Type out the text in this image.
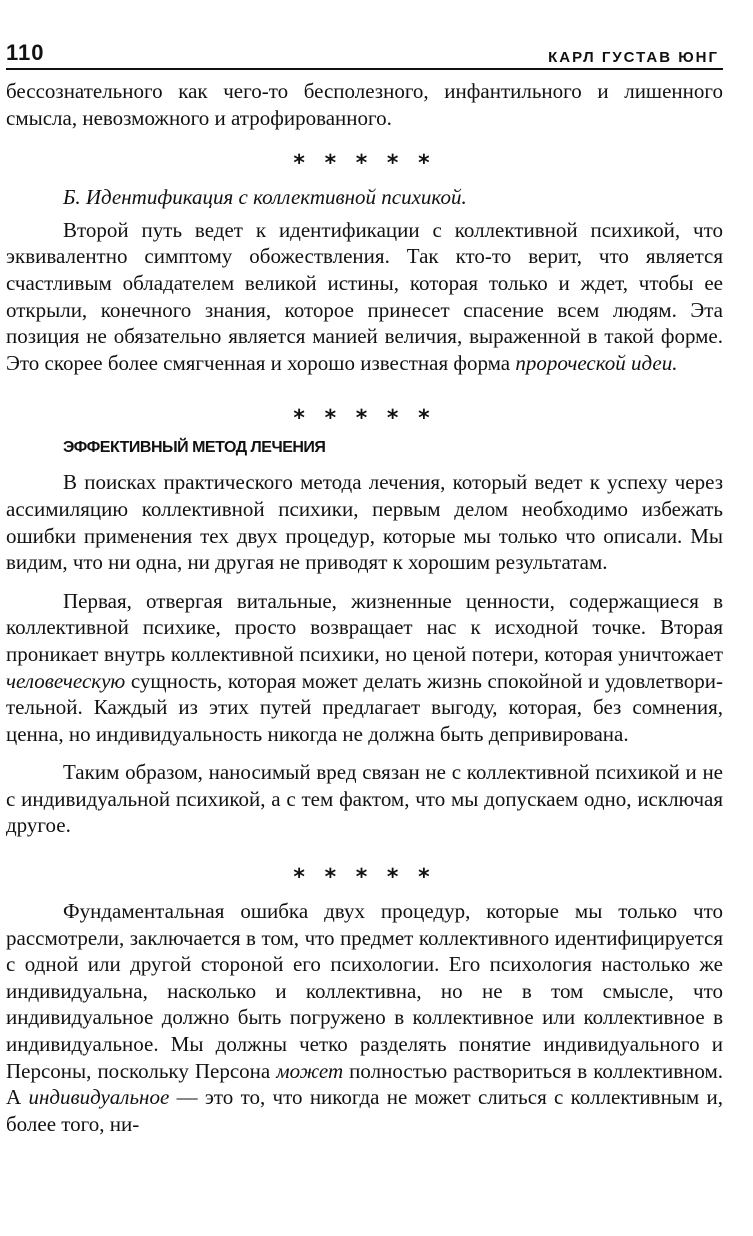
110	КАРЛ ГУСТАВ ЮНГ

бессознательного как чего-то бесполезного, инфантильного и лишенного смысла, невозможного и атрофированного.

* * * * *
Б. Идентификация с коллективной психикой.

Второй путь ведет к идентификации с коллективной психикой, что эквивалентно симптому обожествления. Так кто-то верит, что является счастливым обладателем великой истины, которая только и ждет, чтобы ее открыли, конечного знания, которое принесет спасение всем людям. Эта позиция не обязательно является манией величия, выраженной в такой форме. Это скорее более смягченная и хорошо известная форма пророческой идеи.

* * * * *
ЭФФЕКТИВНЫЙ МЕТОД ЛЕЧЕНИЯ

В поисках практического метода лечения, который ведет к успеху через ассимиляцию коллективной психики, первым делом необходимо избежать ошибки применения тех двух процедур, которые мы только что описали. Мы видим, что ни одна, ни другая не приводят к хорошим результатам.

Первая, отвергая витальные, жизненные ценности, содержащиеся в коллективной психике, просто возвращает нас к исходной точке. Вторая проникает внутрь коллективной психики, но ценой потери, которая уничтожает человеческую сущность, которая может делать жизнь спокойной и удовлетворительной. Каждый из этих путей предлагает выгоду, которая, без сомнения, ценна, но индивидуальность никогда не должна быть депривирована.

Таким образом, наносимый вред связан не с коллективной психикой и не с индивидуальной психикой, а с тем фактом, что мы допускаем одно, исключая другое.

* * * * *

Фундаментальная ошибка двух процедур, которые мы только что рассмотрели, заключается в том, что предмет коллективного идентифицируется с одной или другой стороной его психологии. Его психология настолько же индивидуальна, насколько и коллективна, но не в том смысле, что индивидуальное должно быть погружено в коллективное или коллективное в индивидуальное. Мы должны четко разделять понятие индивидуального и Персоны, поскольку Персона может полностью раствориться в коллективном. А индивидуальное — это то, что никогда не может слиться с коллективным и, более того, ни-
